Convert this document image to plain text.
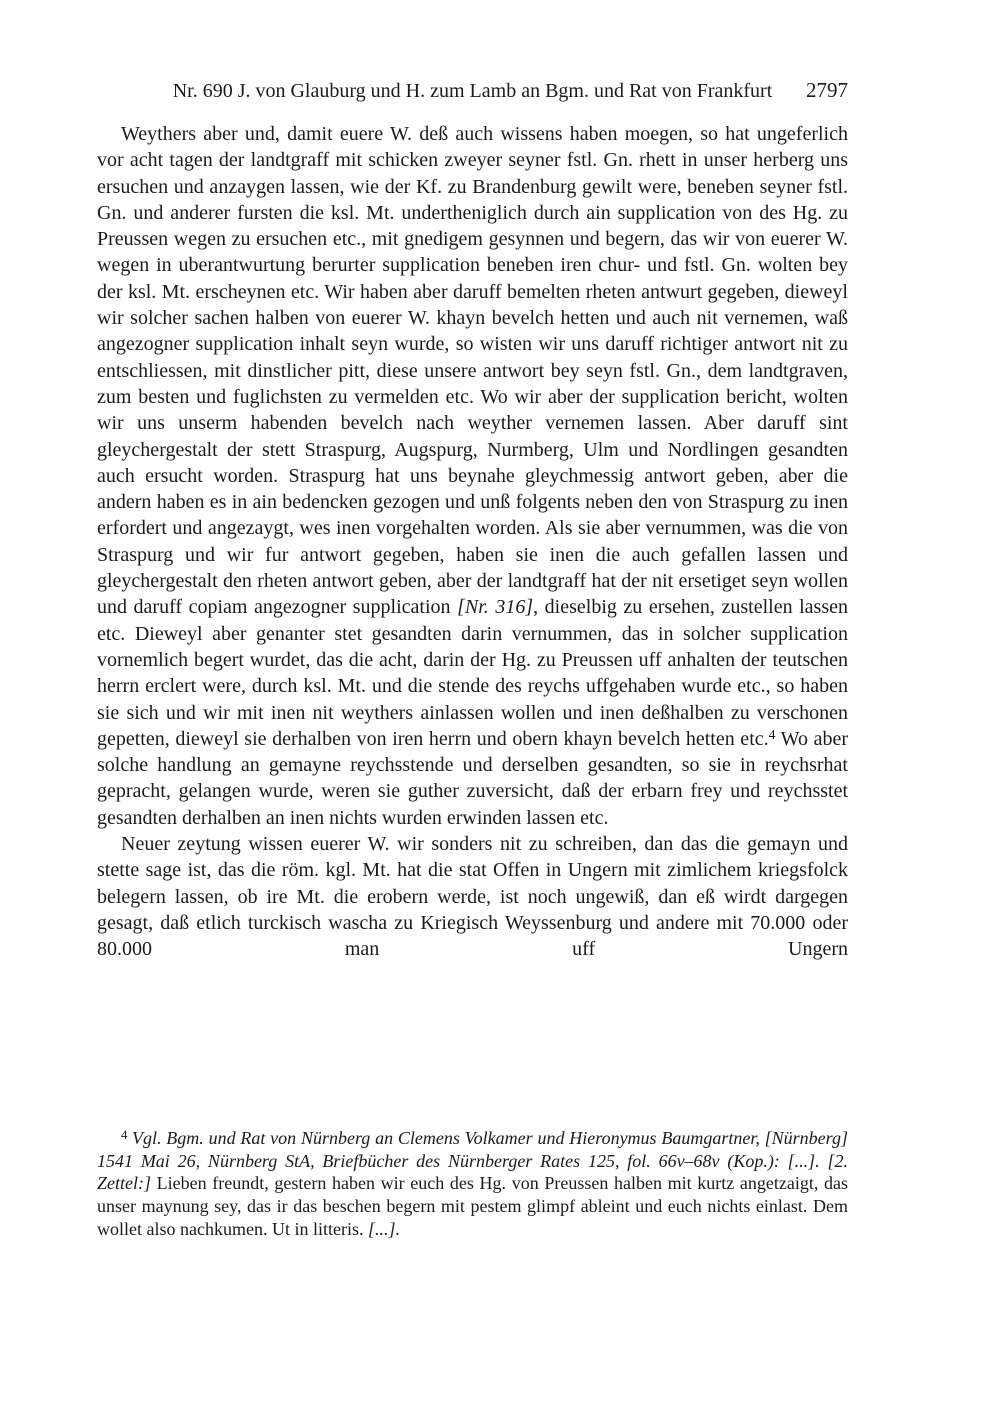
Nr. 690 J. von Glauburg und H. zum Lamb an Bgm. und Rat von Frankfurt 2797

Weythers aber und, damit euere W. deß auch wissens haben moegen, so hat ungeferlich vor acht tagen der landtgraff mit schicken zweyer seyner fstl. Gn. rhett in unser herberg uns ersuchen und anzaygen lassen, wie der Kf. zu Brandenburg gewilt were, beneben seyner fstl. Gn. und anderer fursten die ksl. Mt. undertheniglich durch ain supplication von des Hg. zu Preussen wegen zu ersuchen etc., mit gnedigem gesynnen und begern, das wir von euerer W. wegen in uberantwurtung berurter supplication beneben iren chur- und fstl. Gn. wolten bey der ksl. Mt. erscheynen etc. Wir haben aber daruff bemelten rheten antwurt gegeben, dieweyl wir solcher sachen halben von euerer W. khayn bevelch hetten und auch nit vernemen, waß angezogner supplication inhalt seyn wurde, so wisten wir uns daruff richtiger antwort nit zu entschliessen, mit dinstlicher pitt, diese unsere antwort bey seyn fstl. Gn., dem landtgraven, zum besten und fuglichsten zu vermelden etc. Wo wir aber der supplication bericht, wolten wir uns unserm habenden bevelch nach weyther vernemen lassen. Aber daruff sint gleychergestalt der stett Straspurg, Augspurg, Nurmberg, Ulm und Nordlingen gesandten auch ersucht worden. Straspurg hat uns beynahe gleychmessig antwort geben, aber die andern haben es in ain bedencken gezogen und unß folgents neben den von Straspurg zu inen erfordert und angezaygt, wes inen vorgehalten worden. Als sie aber vernummen, was die von Straspurg und wir fur antwort gegeben, haben sie inen die auch gefallen lassen und gleychergestalt den rheten antwort geben, aber der landtgraff hat der nit ersetiget seyn wollen und daruff copiam angezogner supplication [Nr. 316], dieselbig zu ersehen, zustellen lassen etc. Dieweyl aber genanter stet gesandten darin vernummen, das in solcher supplication vornemlich begert wurdet, das die acht, darin der Hg. zu Preussen uff anhalten der teutschen herrn erclert were, durch ksl. Mt. und die stende des reychs uffgehaben wurde etc., so haben sie sich und wir mit inen nit weythers ainlassen wollen und inen deßhalben zu verschonen gepetten, dieweyl sie derhalben von iren herrn und obern khayn bevelch hetten etc.$^4$ Wo aber solche handlung an gemayne reychsstende und derselben gesandten, so sie in reychsrhat gepracht, gelangen wurde, weren sie guther zuversicht, daß der erbarn frey und reychsstet gesandten derhalben an inen nichts wurden erwinden lassen etc.

Neuer zeytung wissen euerer W. wir sonders nit zu schreiben, dan das die gemayn und stette sage ist, das die röm. kgl. Mt. hat die stat Offen in Ungern mit zimlichem kriegsfolck belegern lassen, ob ire Mt. die erobern werde, ist noch ungewiß, dan eß wirdt dargegen gesagt, daß etlich turckisch wascha zu Kriegisch Weyssenburg und andere mit 70.000 oder 80.000 man uff Ungern

$^4$ Vgl. Bgm. und Rat von Nürnberg an Clemens Volkamer und Hieronymus Baumgartner, [Nürnberg] 1541 Mai 26, Nürnberg StA, Briefbücher des Nürnberger Rates 125, fol. 66v–68v (Kop.): [...]. [2. Zettel:] Lieben freundt, gestern haben wir euch des Hg. von Preussen halben mit kurtz angetzaigt, das unser maynung sey, das ir das beschen begern mit pestem glimpf ableint und euch nichts einlast. Dem wollet also nachkumen. Ut in litteris. [...].
